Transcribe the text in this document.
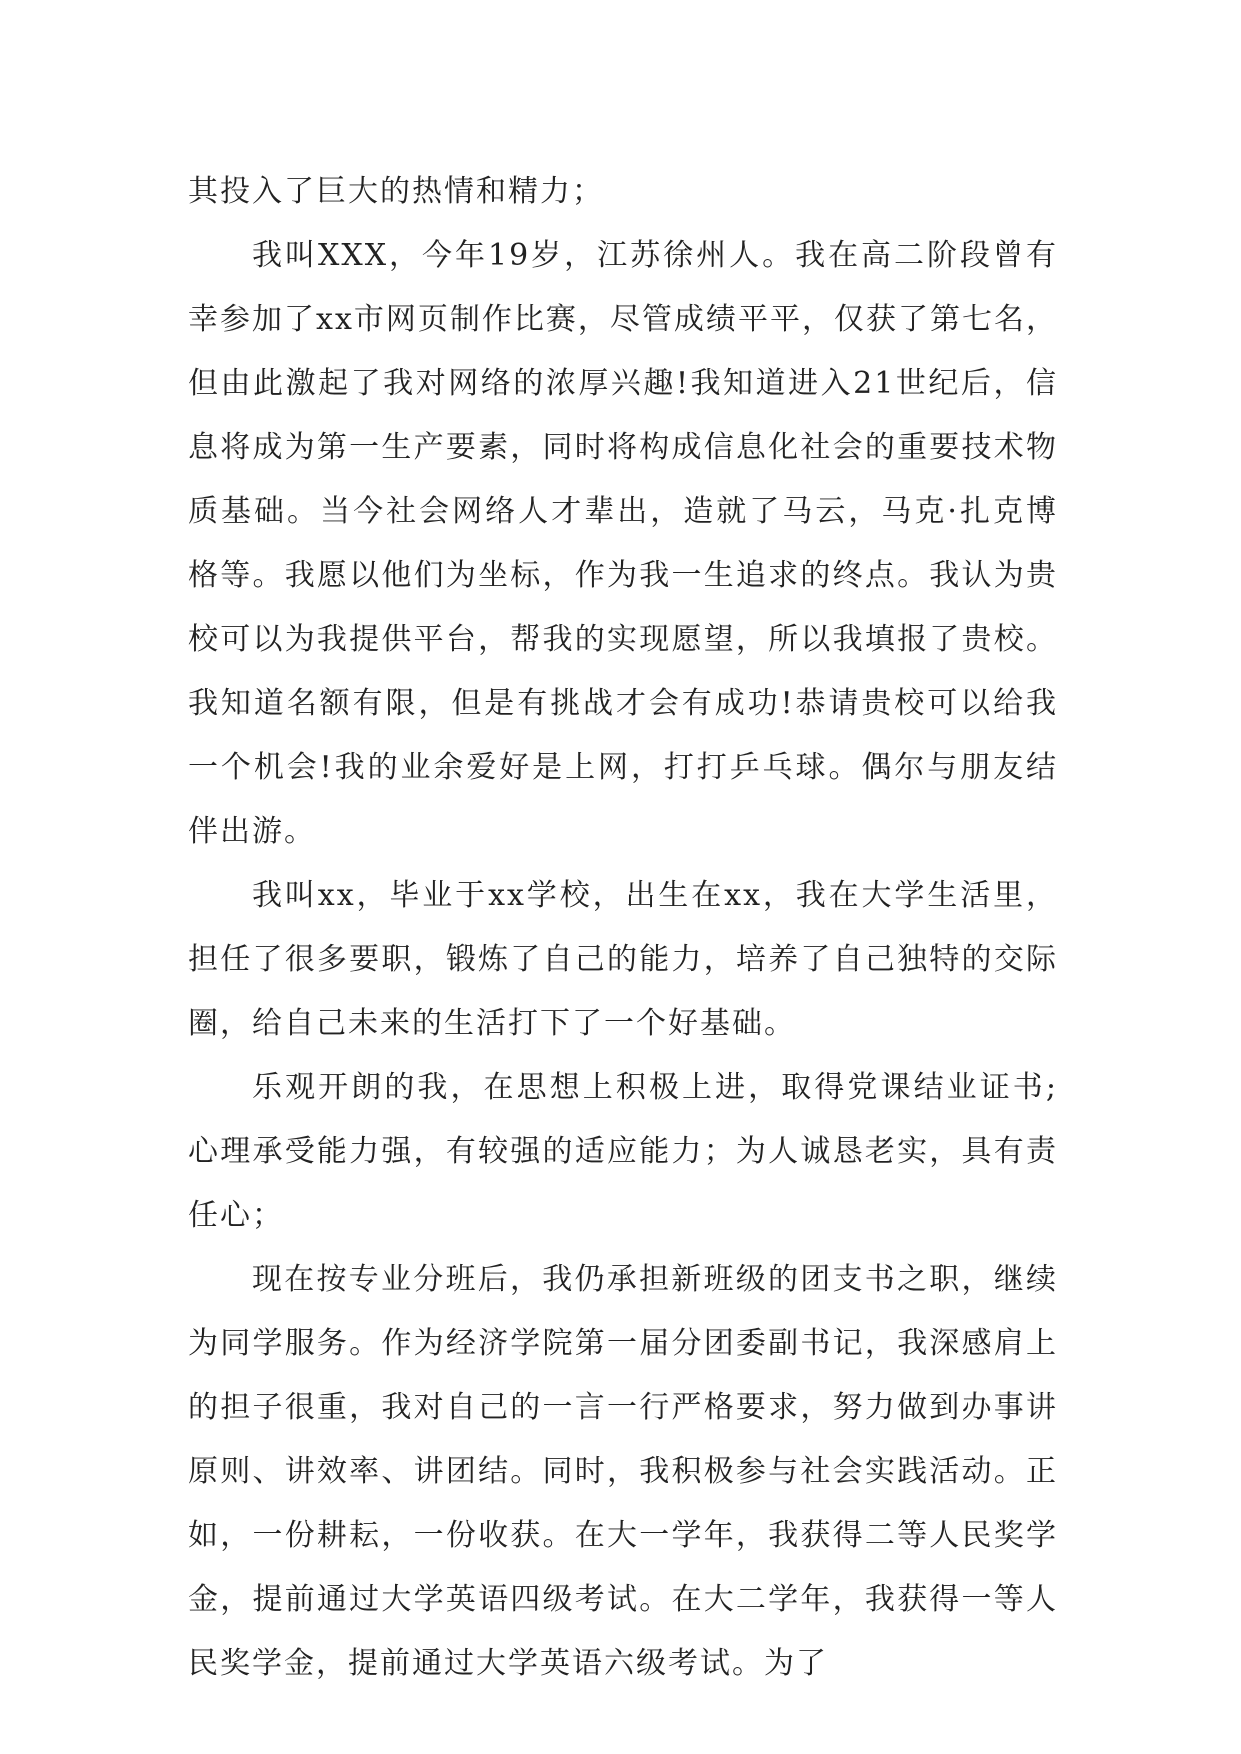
其投入了巨大的热情和精力；

我叫XXX，今年19岁，江苏徐州人。我在高二阶段曾有幸参加了xx市网页制作比赛，尽管成绩平平，仅获了第七名，但由此激起了我对网络的浓厚兴趣!我知道进入21世纪后，信息将成为第一生产要素，同时将构成信息化社会的重要技术物质基础。当今社会网络人才辈出，造就了马云，马克·扎克博格等。我愿以他们为坐标，作为我一生追求的终点。我认为贵校可以为我提供平台，帮我的实现愿望，所以我填报了贵校。我知道名额有限，但是有挑战才会有成功!恭请贵校可以给我一个机会!我的业余爱好是上网，打打乒乓球。偶尔与朋友结伴出游。

我叫xx，毕业于xx学校，出生在xx，我在大学生活里，担任了很多要职，锻炼了自己的能力，培养了自己独特的交际圈，给自己未来的生活打下了一个好基础。

乐观开朗的我，在思想上积极上进，取得党课结业证书;心理承受能力强，有较强的适应能力；为人诚恳老实，具有责任心；

现在按专业分班后，我仍承担新班级的团支书之职，继续为同学服务。作为经济学院第一届分团委副书记，我深感肩上的担子很重，我对自己的一言一行严格要求，努力做到办事讲原则、讲效率、讲团结。同时，我积极参与社会实践活动。正如，一份耕耘，一份收获。在大一学年，我获得二等人民奖学金，提前通过大学英语四级考试。在大二学年，我获得一等人民奖学金，提前通过大学英语六级考试。为了
